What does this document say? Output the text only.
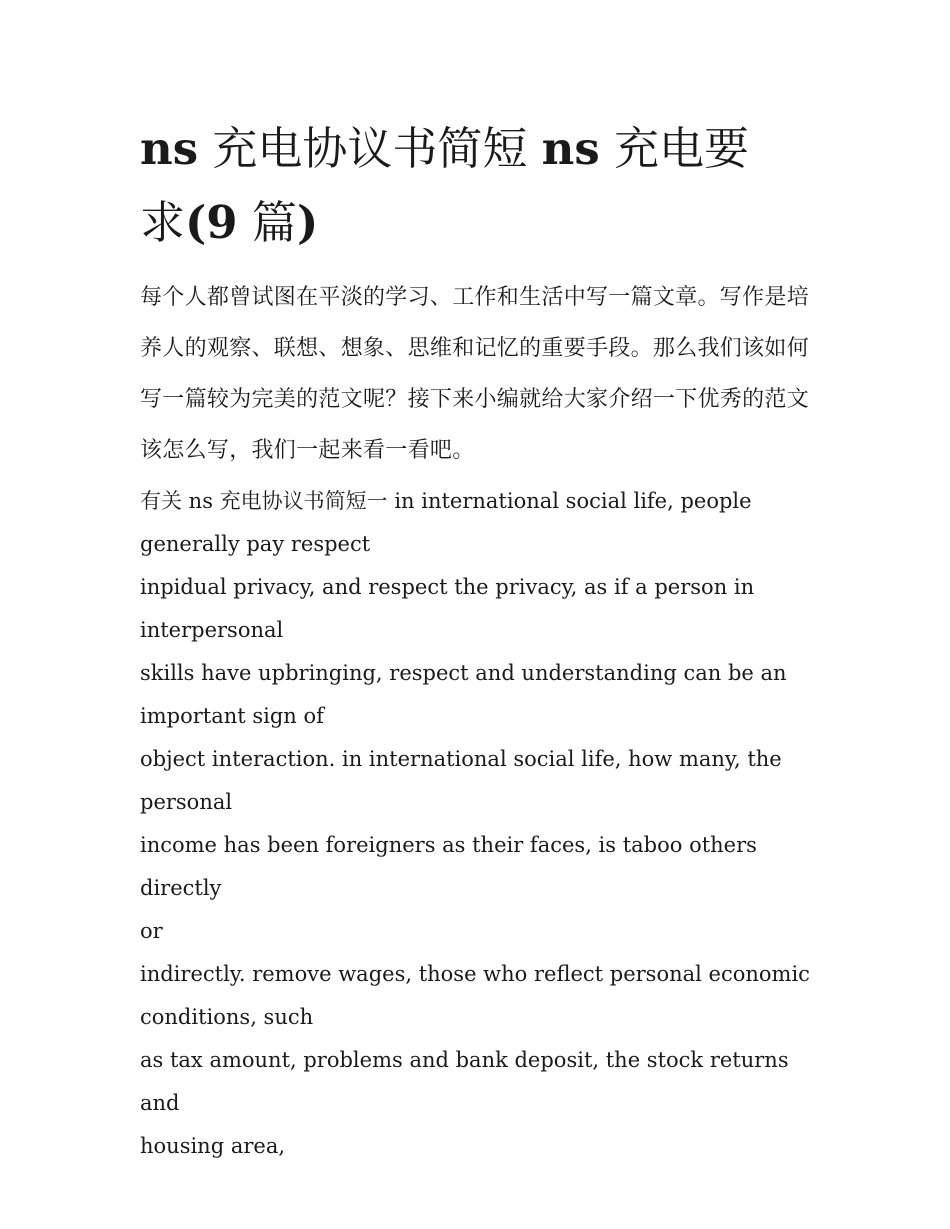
ns 充电协议书简短 ns 充电要
求(9 篇)

每个人都曾试图在平淡的学习、工作和生活中写一篇文章。写作是培养人的观察、联想、想象、思维和记忆的重要手段。那么我们该如何写一篇较为完美的范文呢？接下来小编就给大家介绍一下优秀的范文该怎么写，我们一起来看一看吧。

有关 ns 充电协议书简短一 in international social life, people

generally pay respect

inpidual privacy, and respect the privacy, as if a person in

interpersonal

skills have upbringing, respect and understanding can be an

important sign of

object interaction. in international social life, how many, the

personal

income has been foreigners as their faces, is taboo others directly

or

indirectly. remove wages, those who reflect personal economic

conditions, such

as tax amount, problems and bank deposit, the stock returns and

housing area,
